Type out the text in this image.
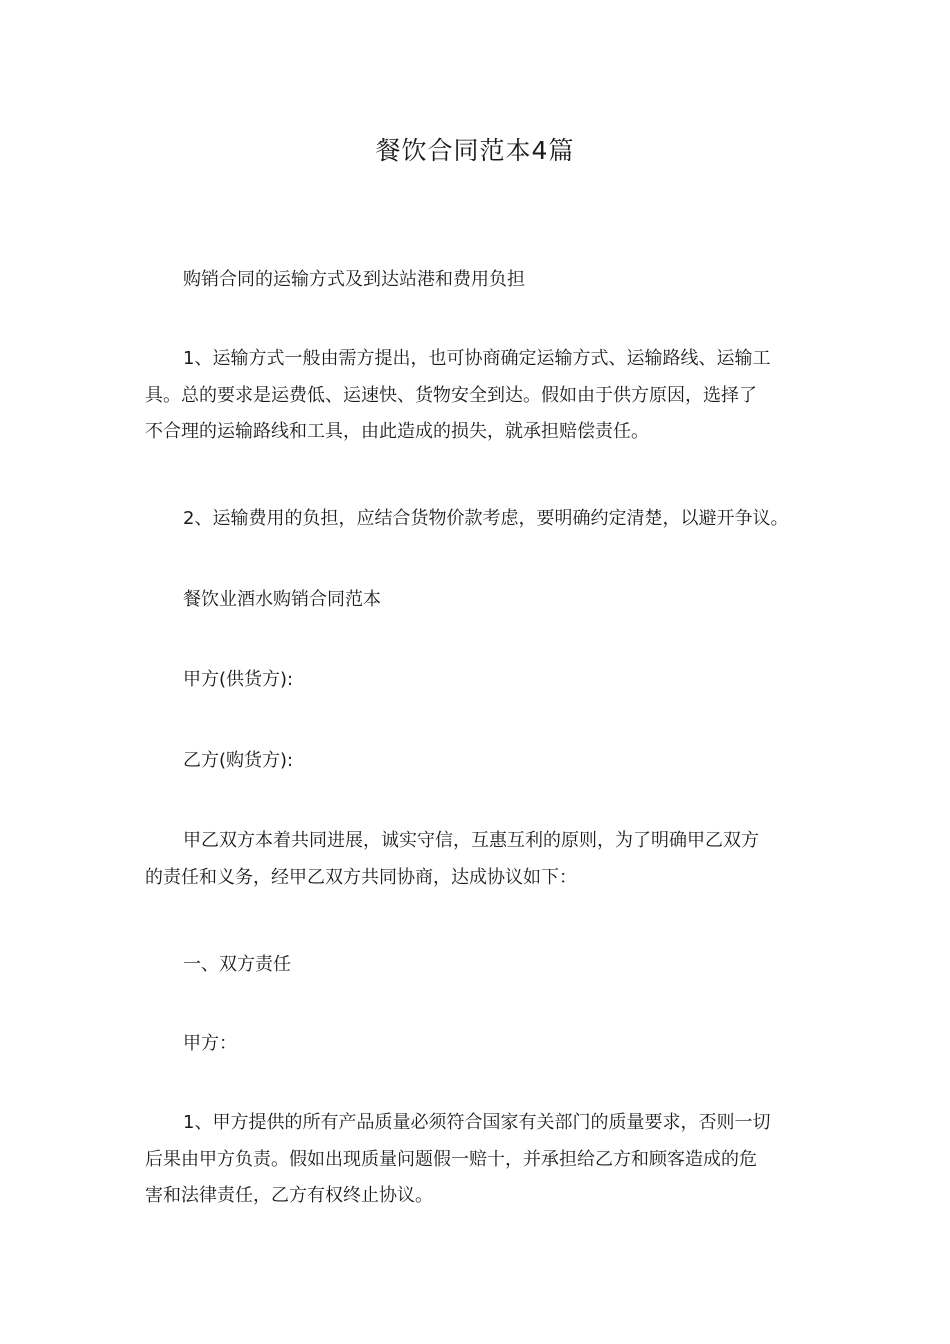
餐饮合同范本4篇

购销合同的运输方式及到达站港和费用负担

1、运输方式一般由需方提出，也可协商确定运输方式、运输路线、运输工
具。总的要求是运费低、运速快、货物安全到达。假如由于供方原因，选择了
不合理的运输路线和工具，由此造成的损失，就承担赔偿责任。

2、运输费用的负担，应结合货物价款考虑，要明确约定清楚，以避开争议。

餐饮业酒水购销合同范本

甲方(供货方):

乙方(购货方):

甲乙双方本着共同进展，诚实守信，互惠互利的原则，为了明确甲乙双方
的责任和义务，经甲乙双方共同协商，达成协议如下：

一、双方责任

甲方：

1、甲方提供的所有产品质量必须符合国家有关部门的质量要求，否则一切
后果由甲方负责。假如出现质量问题假一赔十，并承担给乙方和顾客造成的危
害和法律责任，乙方有权终止协议。
